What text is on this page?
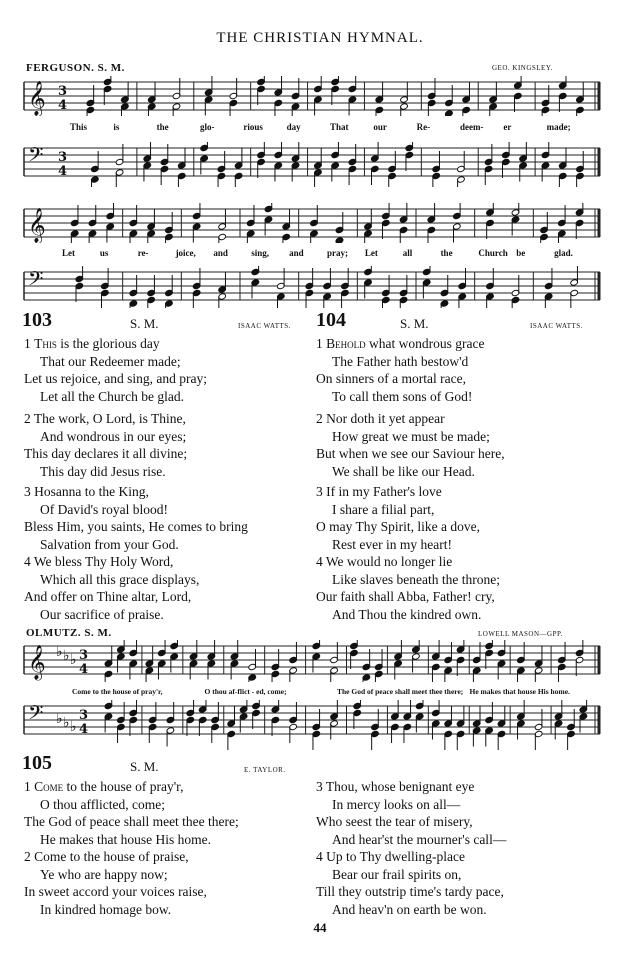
THE CHRISTIAN HYMNAL.
FERGUSON. S. M.	GEO. KINGSLEY.
𝄞 3
4
This	is	the	glo-	rious	day	That	our	Re-	deem- er	made;
𝄢 3
4
𝄞
Let	us	re-	joice, and	sing, and	pray; Let	all	the	Church be	glad.
𝄢
103	S. M.	ISAAC WATTS.
1 This is the glorious day
That our Redeemer made;
Let us rejoice, and sing, and pray;
Let all the Church be glad.
2 The work, O Lord, is Thine,
And wondrous in our eyes;
This day declares it all divine;
This day did Jesus rise.
3 Hosanna to the King,
Of David's royal blood!
Bless Him, you saints, He comes to bring
Salvation from your God.
4 We bless Thy Holy Word,
Which all this grace displays,
And offer on Thine altar, Lord,
Our sacrifice of praise.
104	S. M.	ISAAC WATTS.
1 Behold what wondrous grace
The Father hath bestow'd
On sinners of a mortal race,
To call them sons of God!
2 Nor doth it yet appear
How great we must be made;
But when we see our Saviour here,
We shall be like our Head.
3 If in my Father's love
I share a filial part,
O may Thy Spirit, like a dove,
Rest ever in my heart!
4 We would no longer lie
Like slaves beneath the throne;
Our faith shall Abba, Father! cry,
And Thou the kindred own.
OLMUTZ. S. M.	LOWELL MASON—GPP.
𝄞 ♭ ♭ ♭ 3
4
Come to the house of pray'r,	O thou af-flict - ed, come;	The God of peace shall meet thee there; He makes that house His home.
𝄢 ♭ ♭ ♭
3
4
105	S. M.	E. TAYLOR.
1 Come to the house of pray'r,
O thou afflicted, come;
The God of peace shall meet thee there;
He makes that house His home.
2 Come to the house of praise,
Ye who are happy now;
In sweet accord your voices raise,
In kindred homage bow.
3 Thou, whose benignant eye
In mercy looks on all—
Who seest the tear of misery,
And hear'st the mourner's call—
4 Up to Thy dwelling-place
Bear our frail spirits on,
Till they outstrip time's tardy pace,
And heav'n on earth be won.
44
